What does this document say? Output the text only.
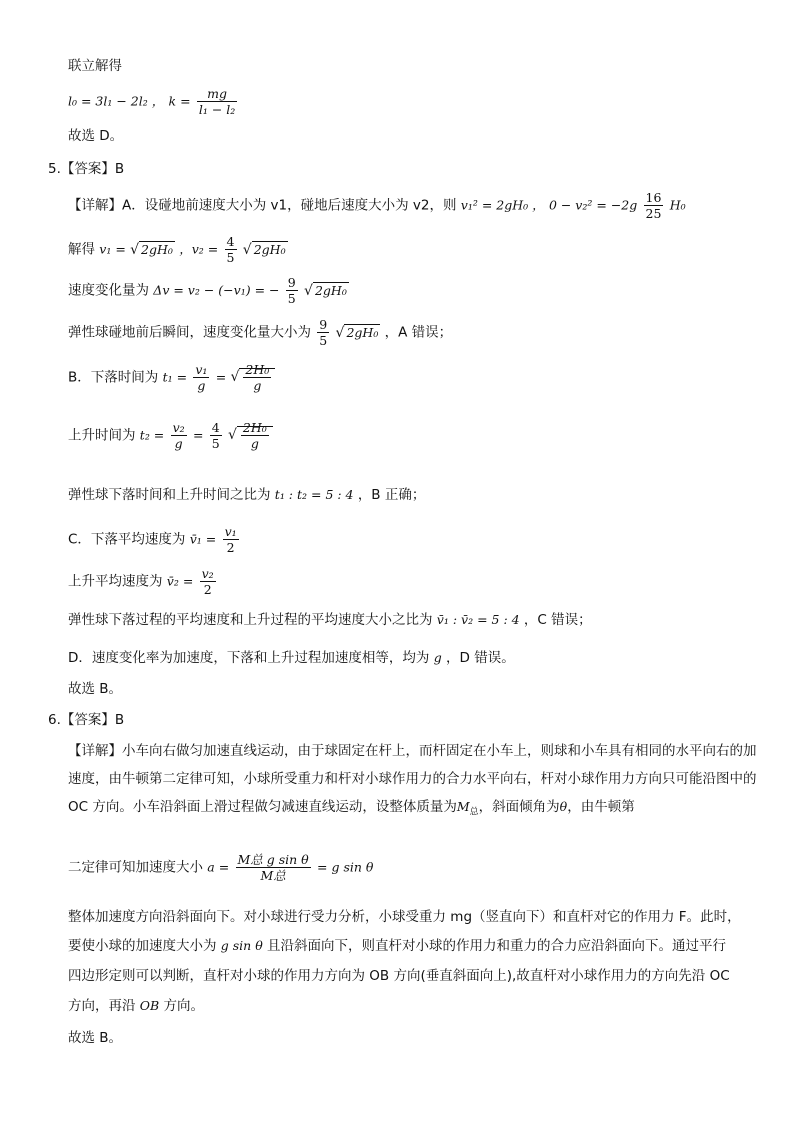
联立解得
l₀ = 3l₁ − 2l₂ ， $k = \frac{mg}{\text{l₁ − l₂}}$
故选 D。
5.【答案】B
【详解】A．设碰地前速度大小为 v1，碰地后速度大小为 v2，则 v₁² = 2gH₀ ， $0 - v_2^2 = -2g \frac{16}{25} H_0$
解得 v₁ = √ 2gH₀ ，$v_2 = \frac{4}{5}$ √ 2gH₀
速度变化量为 Δv = v₂ − (−v₁) = − $\frac{9}{5}$ √ 2gH₀
弹性球碰地前后瞬间，速度变化量大小为 $\frac{9}{5}$ √ 2gH₀ ，A 错误；
B．下落时间为 $t_1 = \frac{\text{v₁}}{g}$ = √ $\frac{\text{2H₀}}{g}$
上升时间为 $t_2 = \frac{\text{v₂}}{g} = \frac{4}{5}$ √ $\frac{\text{2H₀}}{g}$
弹性球下落时间和上升时间之比为 t₁ : t₂ = 5 : 4 ，B 正确；
C．下落平均速度为 v̄₁ = $\frac{\text{v₁}}{2}$
上升平均速度为 v̄₂ = $\frac{\text{v₂}}{2}$
弹性球下落过程的平均速度和上升过程的平均速度大小之比为 v̄₁ : v̄₂ = 5 : 4 ，C 错误；
D．速度变化率为加速度，下落和上升过程加速度相等，均为 g ，D 错误。
故选 B。
6.【答案】B
【详解】小车向右做匀加速直线运动，由于球固定在杆上，而杆固定在小车上，则球和小车具有相同的水平向右的加速度，由牛顿第二定律可知，小球所受重力和杆对小球作用力的合力水平向右，杆对小球作用力方向只可能沿图中的 OC 方向。小车沿斜面上滑过程做匀减速直线运动，设整体质量为$M_总$，斜面倾角为θ，由牛顿第
二定律可知加速度大小 $a = \frac{\text{M总 g sin θ}}{\text{M总}} = g$ sin θ
整体加速度方向沿斜面向下。对小球进行受力分析，小球受重力 mg（竖直向下）和直杆对它的作用力 F。此时，
要使小球的加速度大小为 g sin θ 且沿斜面向下，则直杆对小球的作用力和重力的合力应沿斜面向下。通过平行
四边形定则可以判断，直杆对小球的作用力方向为 OB 方向(垂直斜面向上),故直杆对小球作用力的方向先沿 OC
方向，再沿 OB 方向。
故选 B。
